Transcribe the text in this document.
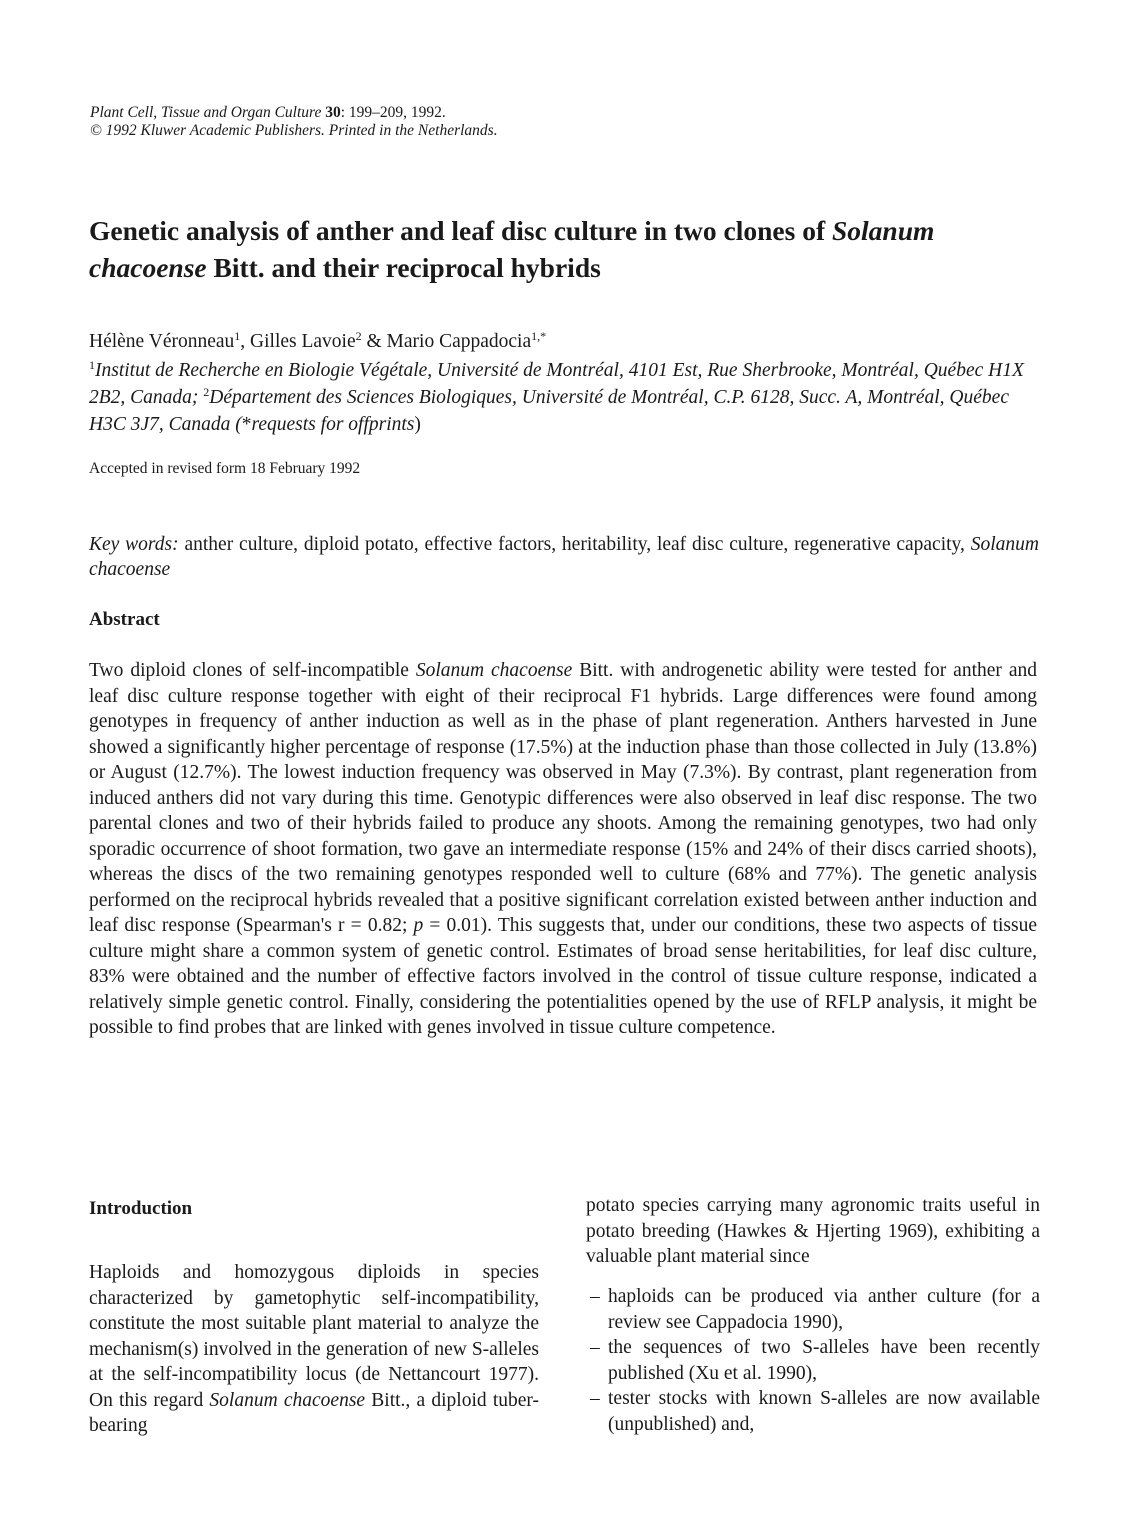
Plant Cell, Tissue and Organ Culture 30: 199–209, 1992.
© 1992 Kluwer Academic Publishers. Printed in the Netherlands.
Genetic analysis of anther and leaf disc culture in two clones of Solanum chacoense Bitt. and their reciprocal hybrids
Hélène Véronneau$^1$, Gilles Lavoie$^2$ & Mario Cappadocia$^{1,*}$
$^1$Institut de Recherche en Biologie Végétale, Université de Montréal, 4101 Est, Rue Sherbrooke, Montréal, Québec H1X 2B2, Canada; $^2$Département des Sciences Biologiques, Université de Montréal, C.P. 6128, Succ. A, Montréal, Québec H3C 3J7, Canada (*requests for offprints)
Accepted in revised form 18 February 1992
Key words: anther culture, diploid potato, effective factors, heritability, leaf disc culture, regenerative capacity, Solanum chacoense
Abstract
Two diploid clones of self-incompatible Solanum chacoense Bitt. with androgenetic ability were tested for anther and leaf disc culture response together with eight of their reciprocal F1 hybrids. Large differences were found among genotypes in frequency of anther induction as well as in the phase of plant regeneration. Anthers harvested in June showed a significantly higher percentage of response (17.5%) at the induction phase than those collected in July (13.8%) or August (12.7%). The lowest induction frequency was observed in May (7.3%). By contrast, plant regeneration from induced anthers did not vary during this time. Genotypic differences were also observed in leaf disc response. The two parental clones and two of their hybrids failed to produce any shoots. Among the remaining genotypes, two had only sporadic occurrence of shoot formation, two gave an intermediate response (15% and 24% of their discs carried shoots), whereas the discs of the two remaining genotypes responded well to culture (68% and 77%). The genetic analysis performed on the reciprocal hybrids revealed that a positive significant correlation existed between anther induction and leaf disc response (Spearman's r = 0.82; p = 0.01). This suggests that, under our conditions, these two aspects of tissue culture might share a common system of genetic control. Estimates of broad sense heritabilities, for leaf disc culture, 83% were obtained and the number of effective factors involved in the control of tissue culture response, indicated a relatively simple genetic control. Finally, considering the potentialities opened by the use of RFLP analysis, it might be possible to find probes that are linked with genes involved in tissue culture competence.
Introduction
Haploids and homozygous diploids in species characterized by gametophytic self-incompatibility, constitute the most suitable plant material to analyze the mechanism(s) involved in the generation of new S-alleles at the self-incompatibility locus (de Nettancourt 1977). On this regard Solanum chacoense Bitt., a diploid tuber-bearing
potato species carrying many agronomic traits useful in potato breeding (Hawkes & Hjerting 1969), exhibiting a valuable plant material since
– haploids can be produced via anther culture (for a review see Cappadocia 1990),
– the sequences of two S-alleles have been recently published (Xu et al. 1990),
– tester stocks with known S-alleles are now available (unpublished) and,
